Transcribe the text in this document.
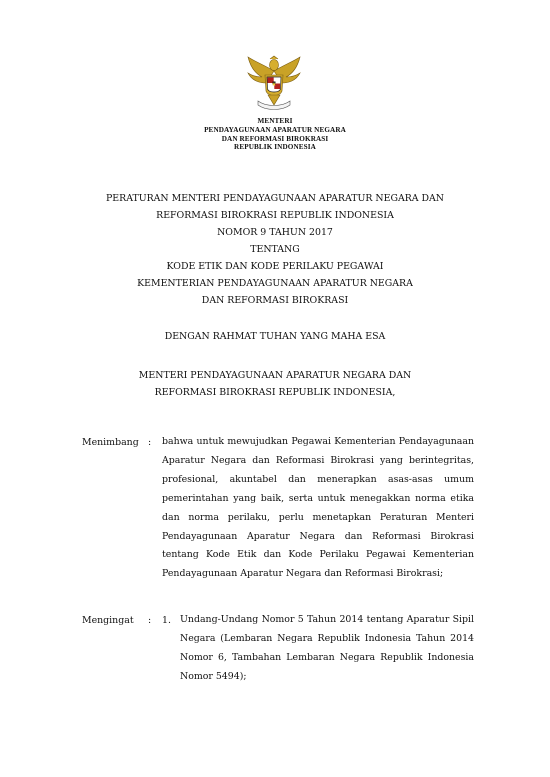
MENTERI
PENDAYAGUNAAN APARATUR NEGARA
DAN REFORMASI BIROKRASI
REPUBLIK INDONESIA
PERATURAN MENTERI PENDAYAGUNAAN APARATUR NEGARA DAN
REFORMASI BIROKRASI REPUBLIK INDONESIA
NOMOR 9 TAHUN 2017
TENTANG
KODE ETIK DAN KODE PERILAKU PEGAWAI
KEMENTERIAN PENDAYAGUNAAN APARATUR NEGARA
DAN REFORMASI BIROKRASI
DENGAN RAHMAT TUHAN YANG MAHA ESA
MENTERI PENDAYAGUNAAN APARATUR NEGARA DAN
REFORMASI BIROKRASI REPUBLIK INDONESIA,
Menimbang : bahwa untuk mewujudkan Pegawai Kementerian Pendayagunaan Aparatur Negara dan Reformasi Birokrasi yang berintegritas, profesional, akuntabel dan menerapkan asas-asas umum pemerintahan yang baik, serta untuk menegakkan norma etika dan norma perilaku, perlu menetapkan Peraturan Menteri Pendayagunaan Aparatur Negara dan Reformasi Birokrasi tentang Kode Etik dan Kode Perilaku Pegawai Kementerian Pendayagunaan Aparatur Negara dan Reformasi Birokrasi;
Mengingat : 1. Undang-Undang Nomor 5 Tahun 2014 tentang Aparatur Sipil Negara (Lembaran Negara Republik Indonesia Tahun 2014 Nomor 6, Tambahan Lembaran Negara Republik Indonesia Nomor 5494);
